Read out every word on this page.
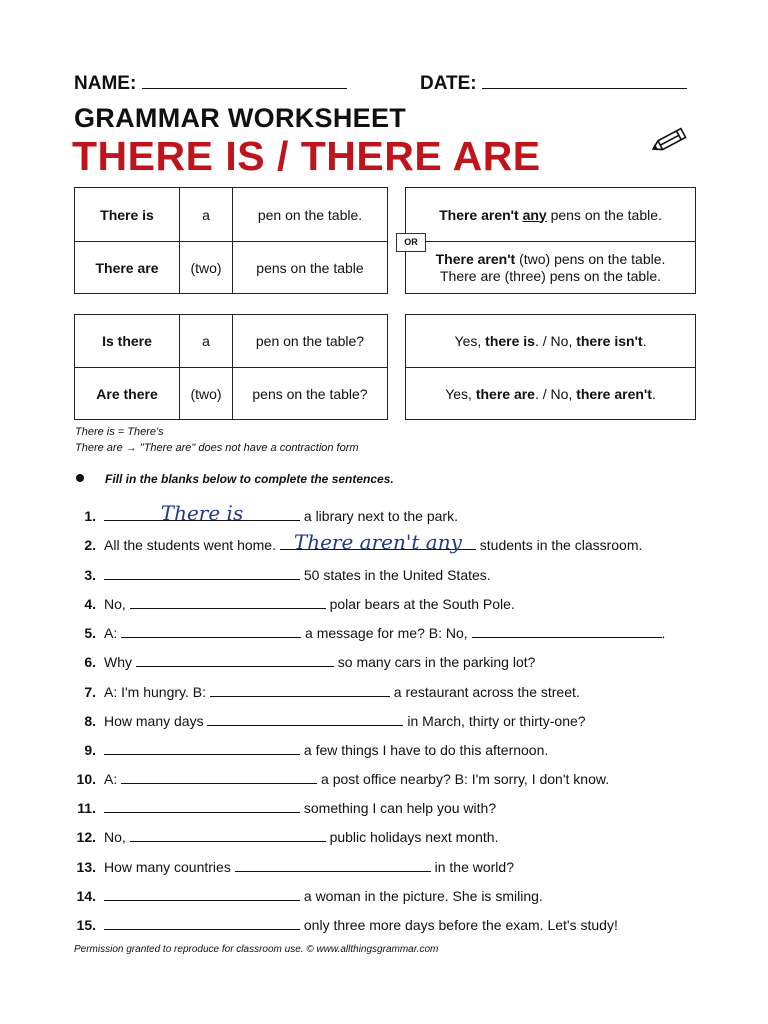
NAME:	DATE:
GRAMMAR WORKSHEET
THERE IS / THERE ARE
There is	a	pen on the table.
There are	(two)	pens on the table
There aren't any pens on the table.
There aren't (two) pens on the table.
There are (three) pens on the table.
OR
Is there	a	pen on the table?
Are there	(two)	pens on the table?
Yes, there is. / No, there isn't.
Yes, there are. / No, there aren't.
There is = There's
There are → "There are" does not have a contraction form
Fill in the blanks below to complete the sentences.
1.	There is	a library next to the park.
2. All the students went home. There aren't any	students in the classroom.
3.	50 states in the United States.
4. No,	polar bears at the South Pole.
5. A:	a message for me? B: No,	.
6. Why	so many cars in the parking lot?
7. A: I'm hungry. B:	a restaurant across the street.
8. How many days	in March, thirty or thirty-one?
9.	a few things I have to do this afternoon.
10. A:	a post office nearby? B: I'm sorry, I don't know.
11.	something I can help you with?
12. No,	public holidays next month.
13. How many countries	in the world?
14.	a woman in the picture. She is smiling.
15.	only three more days before the exam. Let's study!
Permission granted to reproduce for classroom use. © www.allthingsgrammar.com
